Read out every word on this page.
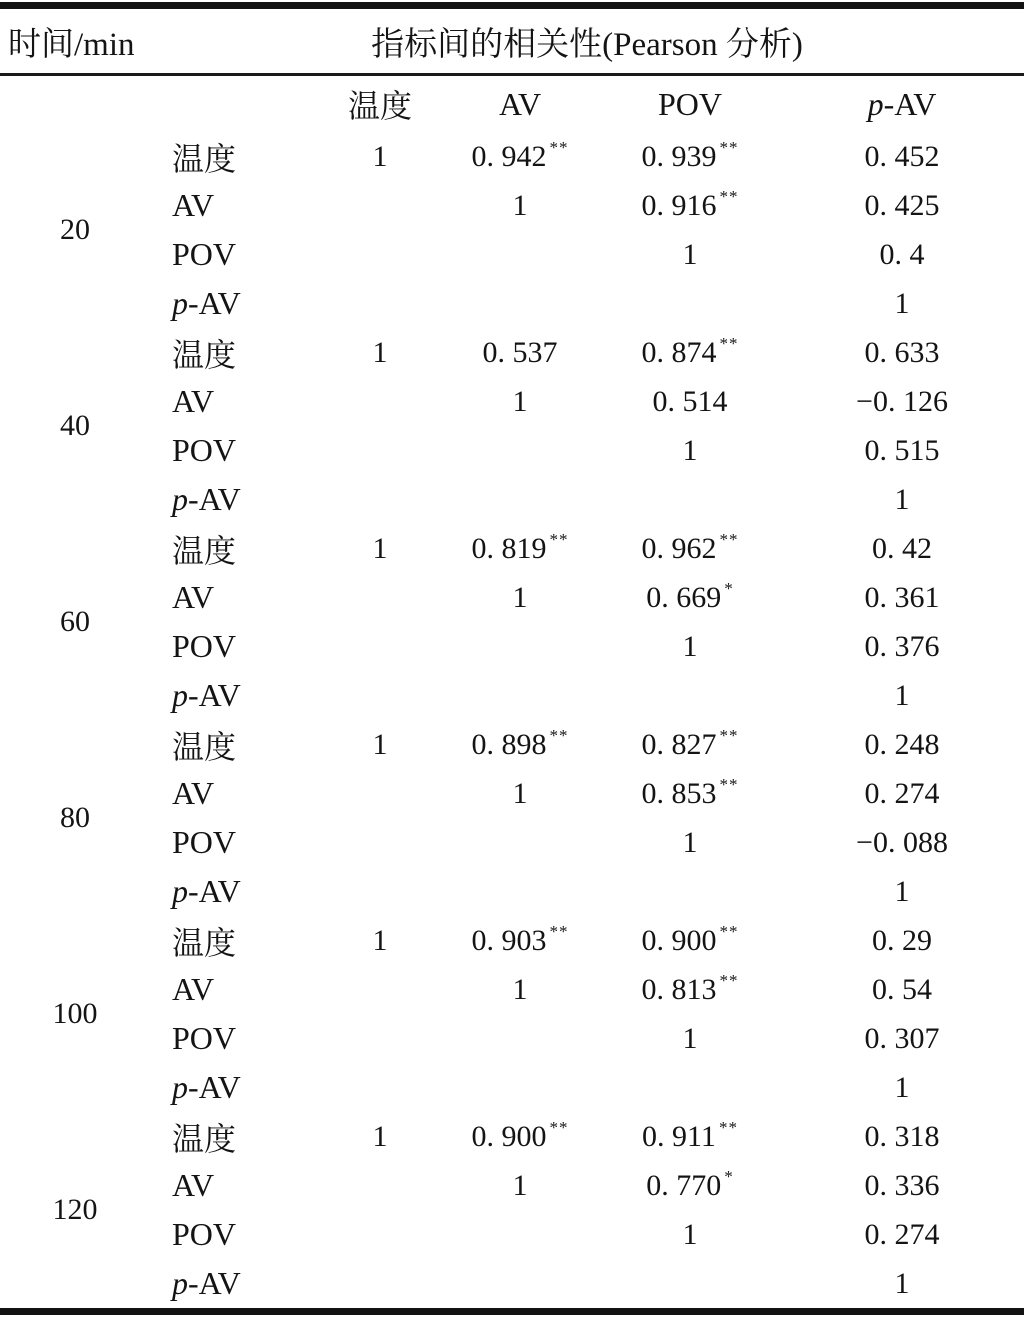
时间/min	指标间的相关性(Pearson 分析)				
		温度	AV	POV	p-AV
20	温度	1	0. 942 **	0. 939 **	0. 452
	AV		1	0. 916 **	0. 425
	POV			1	0. 4
	p-AV				1
40	温度	1	0. 537	0. 874 **	0. 633
	AV		1	0. 514	−0. 126
	POV			1	0. 515
	p-AV				1
60	温度	1	0. 819 **	0. 962 **	0. 42
	AV		1	0. 669 *	0. 361
	POV			1	0. 376
	p-AV				1
80	温度	1	0. 898 **	0. 827 **	0. 248
	AV		1	0. 853 **	0. 274
	POV			1	−0. 088
	p-AV				1
100	温度	1	0. 903 **	0. 900 **	0. 29
	AV		1	0. 813 **	0. 54
	POV			1	0. 307
	p-AV				1
120	温度	1	0. 900 **	0. 911 **	0. 318
	AV		1	0. 770 *	0. 336
	POV			1	0. 274
	p-AV				1
